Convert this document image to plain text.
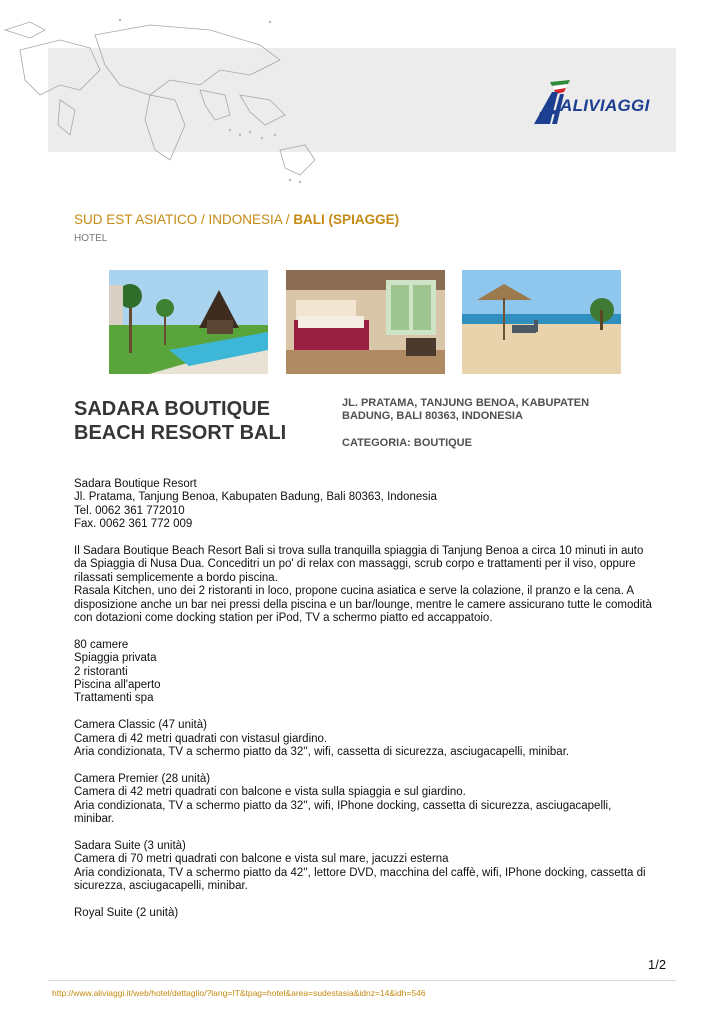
ALIVIAGGI
SUD EST ASIATICO / INDONESIA / BALI (SPIAGGE)
HOTEL
SADARA BOUTIQUE BEACH RESORT BALI
JL. PRATAMA, TANJUNG BENOA, KABUPATEN BADUNG, BALI 80363, INDONESIA
CATEGORIA: BOUTIQUE

Sadara Boutique Resort
Jl. Pratama, Tanjung Benoa, Kabupaten Badung, Bali 80363, Indonesia
Tel. 0062 361 772010
Fax. 0062 361 772 009

Il Sadara Boutique Beach Resort Bali si trova sulla tranquilla spiaggia di Tanjung Benoa a circa 10 minuti in auto da Spiaggia di Nusa Dua. Conceditri un po' di relax con massaggi, scrub corpo e trattamenti per il viso, oppure rilassati semplicemente a bordo piscina.
Rasala Kitchen, uno dei 2 ristoranti in loco, propone cucina asiatica e serve la colazione, il pranzo e la cena. A disposizione anche un bar nei pressi della piscina e un bar/lounge, mentre le camere assicurano tutte le comodità con dotazioni come docking station per iPod, TV a schermo piatto ed accappatoio.

80 camere
Spiaggia privata
2 ristoranti
Piscina all'aperto
Trattamenti spa

Camera Classic (47 unità)
Camera di 42 metri quadrati con vistasul giardino.
Aria condizionata, TV a schermo piatto da 32'', wifi, cassetta di sicurezza, asciugacapelli, minibar.

Camera Premier (28 unità)
Camera di 42 metri quadrati con balcone e vista sulla spiaggia e sul giardino.
Aria condizionata, TV a schermo piatto da 32'', wifi, IPhone docking, cassetta di sicurezza, asciugacapelli, minibar.

Sadara Suite (3 unità)
Camera di 70 metri quadrati con balcone e vista sul mare, jacuzzi esterna
Aria condizionata, TV a schermo piatto da 42'', lettore DVD, macchina del caffè, wifi, IPhone docking, cassetta di sicurezza, asciugacapelli, minibar.

Royal Suite (2 unità)

1/2
http://www.aliviaggi.it/web/hotel/dettaglio/?lang=IT&tpag=hotel&area=sudestasia&idnz=14&idh=546
